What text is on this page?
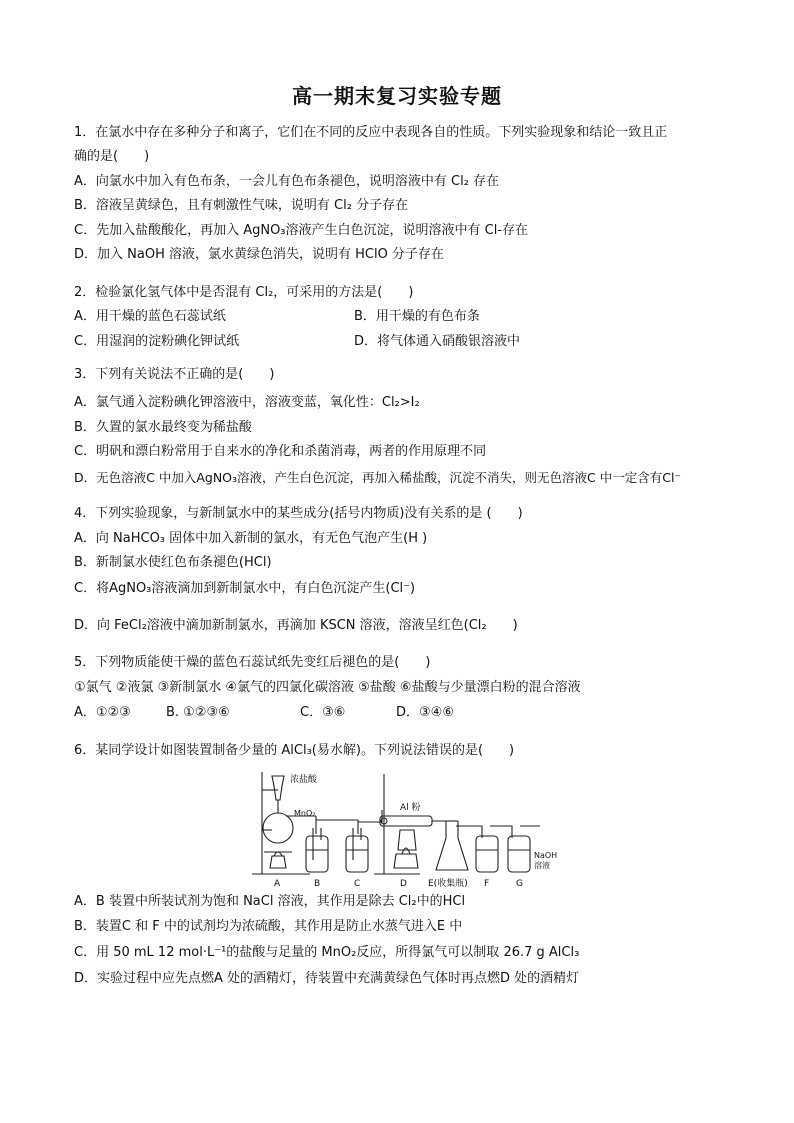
高一期末复习实验专题
1．在氯水中存在多种分子和离子，它们在不同的反应中表现各自的性质。下列实验现象和结论一致且正
确的是(　　)
A．向氯水中加入有色布条，一会儿有色布条褪色，说明溶液中有 Cl₂ 存在
B．溶液呈黄绿色，且有刺激性气味，说明有 Cl₂ 分子存在
C．先加入盐酸酸化，再加入 AgNO₃溶液产生白色沉淀，说明溶液中有 Cl-存在
D．加入 NaOH 溶液，氯水黄绿色消失，说明有 HClO 分子存在
2．检验氯化氢气体中是否混有 Cl₂，可采用的方法是(　　)
A．用干燥的蓝色石蕊试纸	B．用干燥的有色布条
C．用湿润的淀粉碘化钾试纸	D．将气体通入硝酸银溶液中
3．下列有关说法不正确的是(　　)
A．氯气通入淀粉碘化钾溶液中，溶液变蓝，氧化性：Cl₂>I₂
B．久置的氯水最终变为稀盐酸
C．明矾和漂白粉常用于自来水的净化和杀菌消毒，两者的作用原理不同
D．无色溶液C 中加入AgNO₃溶液，产生白色沉淀，再加入稀盐酸，沉淀不消失，则无色溶液C 中一定含有Cl⁻
4．下列实验现象，与新制氯水中的某些成分(括号内物质)没有关系的是 (　　)
A．向 NaHCO₃ 固体中加入新制的氯水，有无色气泡产生(H )
B．新制氯水使红色布条褪色(HCl)
C．将AgNO₃溶液滴加到新制氯水中，有白色沉淀产生(Cl⁻)
D．向 FeCl₂溶液中滴加新制氯水，再滴加 KSCN 溶液，溶液呈红色(Cl₂　　)
5．下列物质能使干燥的蓝色石蕊试纸先变红后褪色的是(　　)
①氯气 ②液氯 ③新制氯水 ④氯气的四氯化碳溶液 ⑤盐酸 ⑥盐酸与少量漂白粉的混合溶液
A．①②③	B. ①②③⑥	C．③⑥	D．③④⑥
6．某同学设计如图装置制备少量的 AlCl₃(易水解)。下列说法错误的是(　　)
浓盐酸
MnO₂
Al 粉
NaOH
溶液
A	B	C	D E(收集瓶) F	G
A．B 装置中所装试剂为饱和 NaCl 溶液，其作用是除去 Cl₂中的HCl
B．装置C 和 F 中的试剂均为浓硫酸，其作用是防止水蒸气进入E 中
C．用 50 mL 12 mol·L⁻¹的盐酸与足量的 MnO₂反应，所得氯气可以制取 26.7 g AlCl₃
D．实验过程中应先点燃A 处的酒精灯，待装置中充满黄绿色气体时再点燃D 处的酒精灯
